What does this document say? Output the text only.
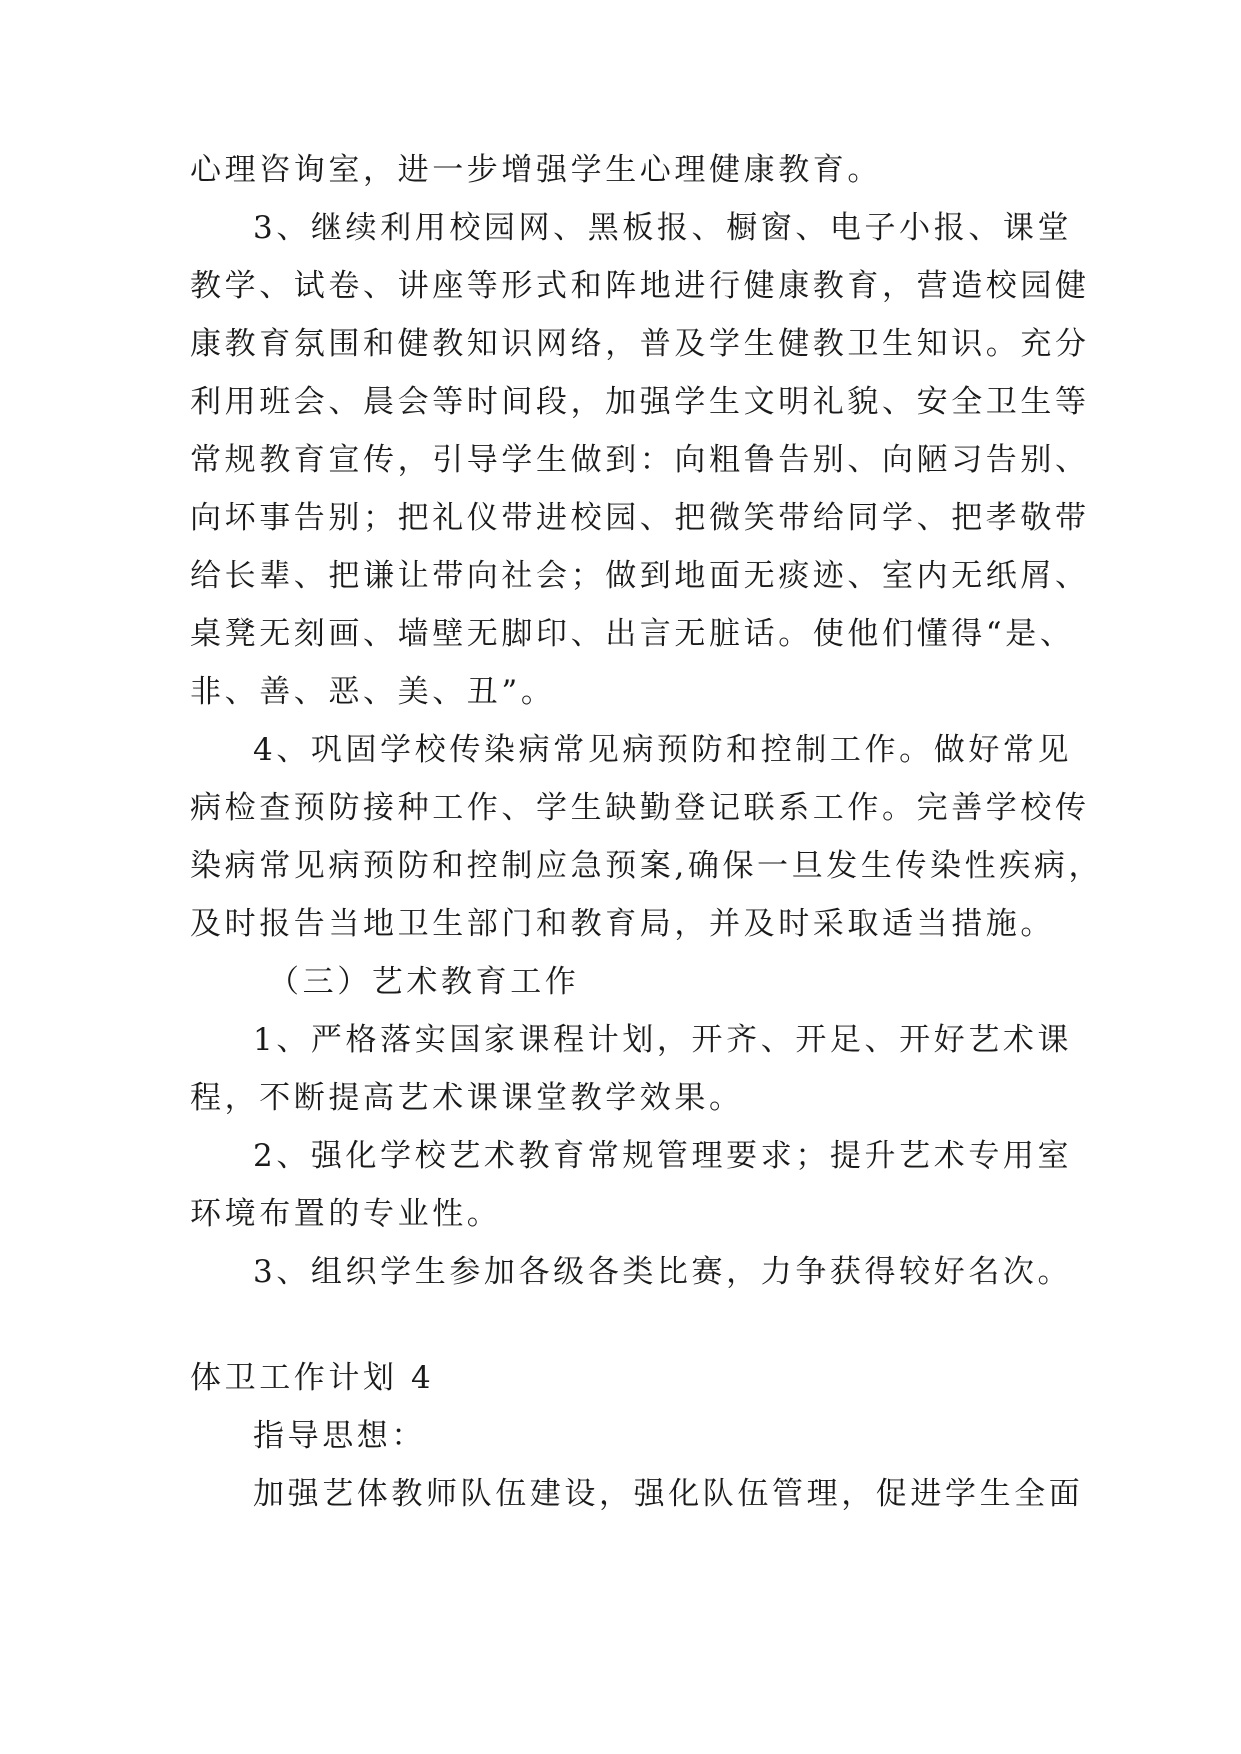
心理咨询室，进一步增强学生心理健康教育。
3、继续利用校园网、黑板报、橱窗、电子小报、课堂
教学、试卷、讲座等形式和阵地进行健康教育，营造校园健
康教育氛围和健教知识网络，普及学生健教卫生知识。充分
利用班会、晨会等时间段，加强学生文明礼貌、安全卫生等
常规教育宣传，引导学生做到：向粗鲁告别、向陋习告别、
向坏事告别；把礼仪带进校园、把微笑带给同学、把孝敬带
给长辈、把谦让带向社会；做到地面无痰迹、室内无纸屑、
桌凳无刻画、墙壁无脚印、出言无脏话。使他们懂得“是、
非、善、恶、美、丑”。
4、巩固学校传染病常见病预防和控制工作。做好常见
病检查预防接种工作、学生缺勤登记联系工作。完善学校传
染病常见病预防和控制应急预案,确保一旦发生传染性疾病，
及时报告当地卫生部门和教育局，并及时采取适当措施。
（三）艺术教育工作
1、严格落实国家课程计划，开齐、开足、开好艺术课
程，不断提高艺术课课堂教学效果。
2、强化学校艺术教育常规管理要求；提升艺术专用室
环境布置的专业性。
3、组织学生参加各级各类比赛，力争获得较好名次。
体卫工作计划 4
指导思想：
加强艺体教师队伍建设，强化队伍管理，促进学生全面
